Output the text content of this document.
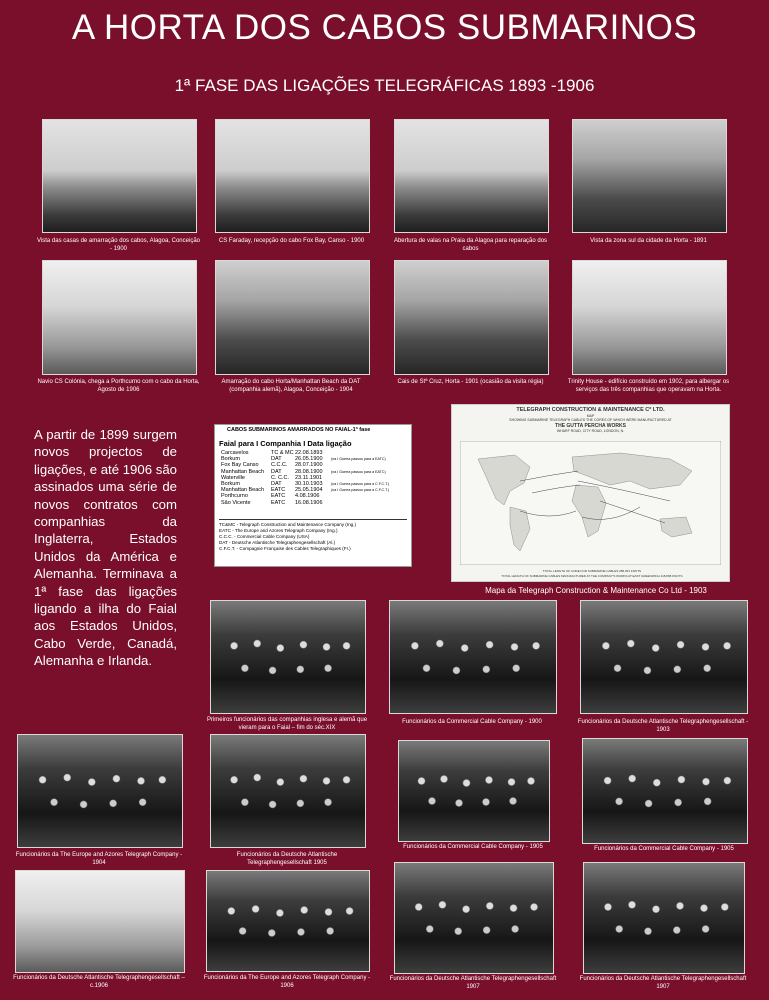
A HORTA DOS CABOS SUBMARINOS
1ª FASE DAS LIGAÇÕES TELEGRÁFICAS 1893 -1906
Vista das casas de amarração dos cabos, Alagoa, Conceição - 1900
CS Faraday, recepção do cabo Fox Bay, Canso - 1900	Abertura de valas na Praia da Alagoa para reparação dos cabos
Vista da zona sul da cidade da Horta - 1891
Navio CS Colónia, chega a Porthcurno com o cabo da Horta, Agosto de 1906
Amarração do cabo Horta/Manhattan Beach da DAT (companhia alemã), Alagoa, Conceição - 1904
Cais de Stª Cruz, Horta - 1901 (ocasião da visita régia)	Trinity House - edifício construído em 1902, para albergar os serviços das três companhias que operavam na Horta.
A partir de 1899 surgem novos projectos de ligações, e até 1906 são assinados uma série de novos contratos com companhias da Inglaterra, Estados Unidos da América e Alemanha. Terminava a 1ª fase das ligações ligando a ilha do Faial aos Estados Unidos, Cabo Verde, Canadá, Alemanha e Irlanda.
CABOS SUBMARINOS AMARRADOS NO FAIAL-1ª fase
Faial para I Companhia I Data ligação
Carcavelos	TC & MC 22.08.1893
Borkum	DAT 26.05.1900 (na I Guerra passou para a EATC)
Fox Bay Canso C.C.C. 28.07.1900
Manhattan Beach DAT 28.08.1900 (na I Guerra passou para a EATC)
Waterville	C. C.C. 23.11.1901
Borkum	DAT 30.10.1903 (na I Guerra passou para a C.F.C.T.)
Manhattan Beach EATC 25.05.1904 (na I Guerra passou para a C.F.C.T.)
Porthcurno	EATC 4.08.1906
São Vicente	EATC 16.08.1906
TC&MC - Telegraph Construction and Maintenance Company (Ing.)
EATC - The Europe and Azores Telegraph Company (Ing.)
C.C.C. - Commercial Cable Company (USA)
DAT - Deutsche Atlantische Telegraphengesellschaft (Al.)
C.F.C.T. - Compagnie Française des Cables Telegraphiques (Fr.)
TELEGRAPH CONSTRUCTION & MAINTENANCE Cº LTD.
MAP
SHOWING SUBMARINE TELEGRAPH CABLES THE CORES OF WHICH WERE MANUFACTURED AT
THE GUTTA PERCHA WORKS
WHARF ROAD, CITY ROAD, LONDON, N.
TOTAL LENGTH OF CORE FOR SUBMARINE CABLES 288,453 KNOTS
TOTAL LENGTH OF SUBMARINE CABLES MANUFACTURED AT THE COMPANY'S WORKS AT EAST GREENWICH 118,868 KNOTS
Mapa da Telegraph Construction & Maintenance Co Ltd - 1903
Primeiros funcionários das companhias inglesa e alemã que vieram para o Faial – fim do séc.XIX
Funcionários da Commercial Cable Company - 1900	Funcionários da Deutsche Atlantische Telegraphengesellschaft - 1903
Funcionários da The Europe and Azores Telegraph Company - 1904
Funcionários da Deutsche Atlantische Telegraphengesellschaft 1905
Funcionários da Commercial Cable Company - 1905	Funcionários da Commercial Cable Company - 1905
Funcionários da Deutsche Atlantische Telegraphengesellschaft – c.1906
Funcionários da The Europe and Azores Telegraph Company - 1906
Funcionários da Deutsche Atlantische Telegraphengesellschaft 1907
Funcionários da Deutsche Atlantische Telegraphengesellschaft 1907
